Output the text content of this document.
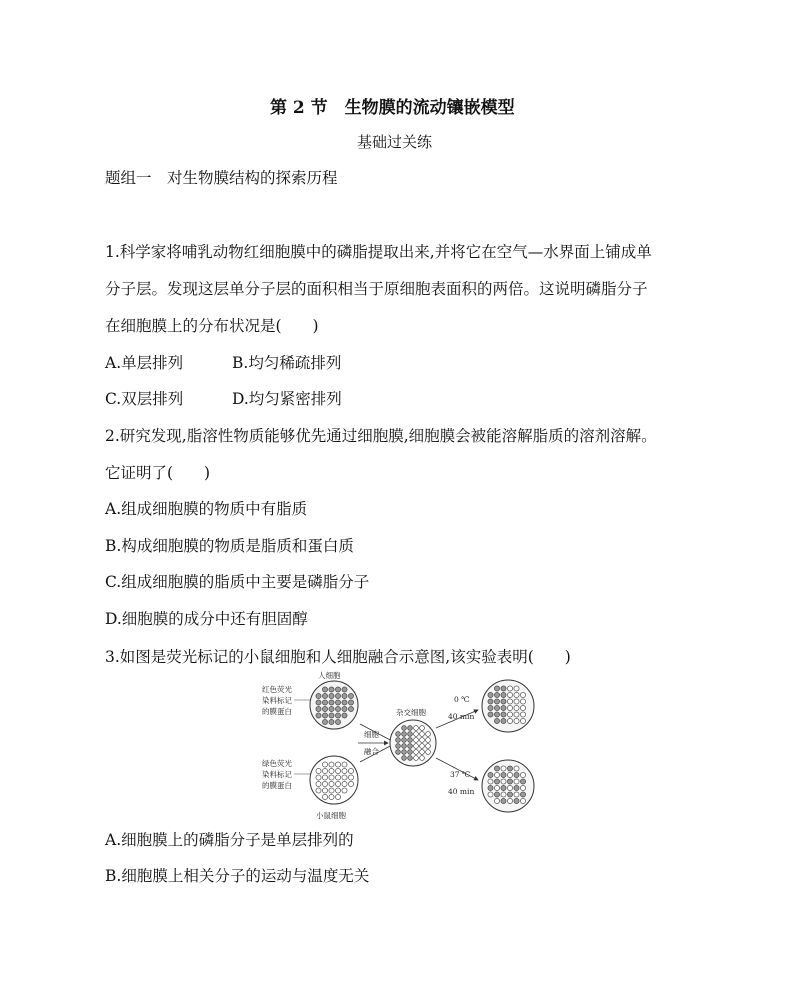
第 2 节　生物膜的流动镶嵌模型
基础过关练
题组一　对生物膜结构的探索历程
1.科学家将哺乳动物红细胞膜中的磷脂提取出来,并将它在空气—水界面上铺成单
分子层。发现这层单分子层的面积相当于原细胞表面积的两倍。这说明磷脂分子
在细胞膜上的分布状况是(　　)
A.单层排列	B.均匀稀疏排列
C.双层排列	D.均匀紧密排列
2.研究发现,脂溶性物质能够优先通过细胞膜,细胞膜会被能溶解脂质的溶剂溶解。
它证明了(　　)
A.组成细胞膜的物质中有脂质
B.构成细胞膜的物质是脂质和蛋白质
C.组成细胞膜的脂质中主要是磷脂分子
D.细胞膜的成分中还有胆固醇
3.如图是荧光标记的小鼠细胞和人细胞融合示意图,该实验表明(　　)
人细胞
红色荧光
染料标记
的膜蛋白
绿色荧光
染料标记
的膜蛋白
小鼠细胞
细胞
融合
杂交细胞
0 ℃
40 min
37 ℃
40 min
A.细胞膜上的磷脂分子是单层排列的
B.细胞膜上相关分子的运动与温度无关
